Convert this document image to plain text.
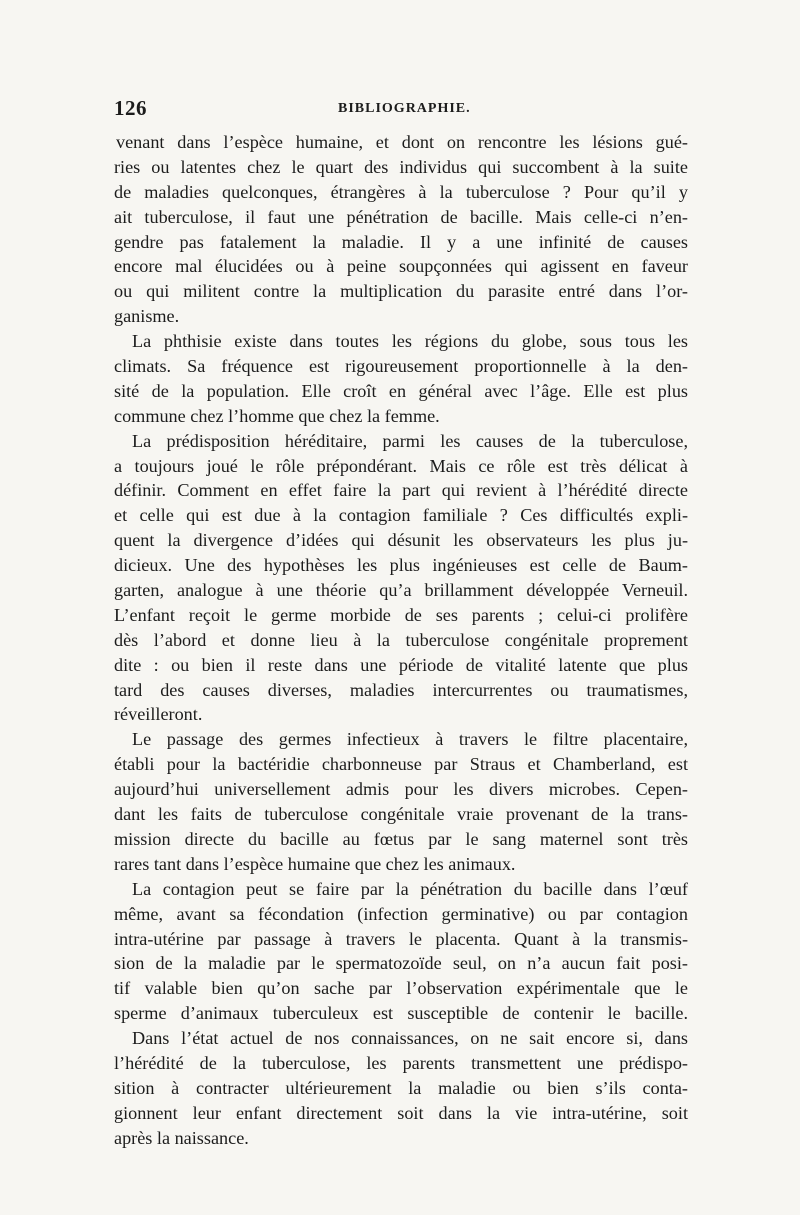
126	BIBLIOGRAPHIE.
venant dans l’espèce humaine, et dont on rencontre les lésions gué-
ries ou latentes chez le quart des individus qui succombent à la suite
de maladies quelconques, étrangères à la tuberculose ? Pour qu’il y
ait tuberculose, il faut une pénétration de bacille. Mais celle-ci n’en-
gendre pas fatalement la maladie. Il y a une infinité de causes
encore mal élucidées ou à peine soupçonnées qui agissent en faveur
ou qui militent contre la multiplication du parasite entré dans l’or-
ganisme.
La phthisie existe dans toutes les régions du globe, sous tous les
climats. Sa fréquence est rigoureusement proportionnelle à la den-
sité de la population. Elle croît en général avec l’âge. Elle est plus
commune chez l’homme que chez la femme.
La prédisposition héréditaire, parmi les causes de la tuberculose,
a toujours joué le rôle prépondérant. Mais ce rôle est très délicat à
définir. Comment en effet faire la part qui revient à l’hérédité directe
et celle qui est due à la contagion familiale ? Ces difficultés expli-
quent la divergence d’idées qui désunit les observateurs les plus ju-
dicieux. Une des hypothèses les plus ingénieuses est celle de Baum-
garten, analogue à une théorie qu’a brillamment développée Verneuil.
L’enfant reçoit le germe morbide de ses parents ; celui-ci prolifère
dès l’abord et donne lieu à la tuberculose congénitale proprement
dite : ou bien il reste dans une période de vitalité latente que plus
tard des causes diverses, maladies intercurrentes ou traumatismes,
réveilleront.
Le passage des germes infectieux à travers le filtre placentaire,
établi pour la bactéridie charbonneuse par Straus et Chamberland, est
aujourd’hui universellement admis pour les divers microbes. Cepen-
dant les faits de tuberculose congénitale vraie provenant de la trans-
mission directe du bacille au fœtus par le sang maternel sont très
rares tant dans l’espèce humaine que chez les animaux.
La contagion peut se faire par la pénétration du bacille dans l’œuf
même, avant sa fécondation (infection germinative) ou par contagion
intra-utérine par passage à travers le placenta. Quant à la transmis-
sion de la maladie par le spermatozoïde seul, on n’a aucun fait posi-
tif valable bien qu’on sache par l’observation expérimentale que le
sperme d’animaux tuberculeux est susceptible de contenir le bacille.
Dans l’état actuel de nos connaissances, on ne sait encore si, dans
l’hérédité de la tuberculose, les parents transmettent une prédispo-
sition à contracter ultérieurement la maladie ou bien s’ils conta-
gionnent leur enfant directement soit dans la vie intra-utérine, soit
après la naissance.
